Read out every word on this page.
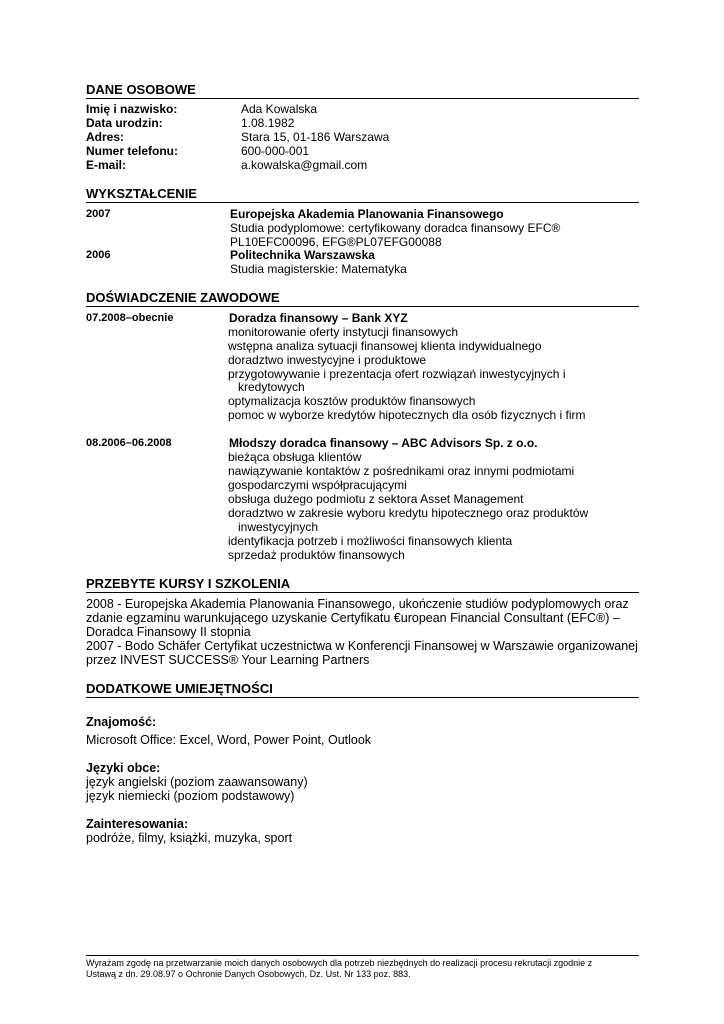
DANE OSOBOWE
Imię i nazwisko:	Ada Kowalska
Data urodzin:	1.08.1982
Adres:	Stara 15, 01-186 Warszawa
Numer telefonu:	600-000-001
E-mail:	a.kowalska@gmail.com
WYKSZTAŁCENIE
2007	Europejska Akademia Planowania Finansowego
Studia podyplomowe: certyfikowany doradca finansowy EFC®
PL10EFC00096, EFG®PL07EFG00088
2006	Politechnika Warszawska
Studia magisterskie: Matematyka
DOŚWIADCZENIE ZAWODOWE
07.2008–obecnie	Doradza finansowy – Bank XYZ
monitorowanie oferty instytucji finansowych
wstępna analiza sytuacji finansowej klienta indywidualnego
doradztwo inwestycyjne i produktowe
przygotowywanie i prezentacja ofert rozwiązań inwestycyjnych i
kredytowych
optymalizacja kosztów produktów finansowych
pomoc w wyborze kredytów hipotecznych dla osób fizycznych i firm
08.2006–06.2008	Młodszy doradca finansowy – ABC Advisors Sp. z o.o.
bieżąca obsługa klientów
nawiązywanie kontaktów z pośrednikami oraz innymi podmiotami
gospodarczymi współpracującymi
obsługa dużego podmiotu z sektora Asset Management
doradztwo w zakresie wyboru kredytu hipotecznego oraz produktów
inwestycyjnych
identyfikacja potrzeb i możliwości finansowych klienta
sprzedaż produktów finansowych
PRZEBYTE KURSY I SZKOLENIA
2008 - Europejska Akademia Planowania Finansowego, ukończenie studiów podyplomowych oraz
zdanie egzaminu warunkującego uzyskanie Certyfikatu €uropean Financial Consultant (EFC®) –
Doradca Finansowy II stopnia
2007 - Bodo Schäfer Certyfikat uczestnictwa w Konferencji Finansowej w Warszawie organizowanej
przez INVEST SUCCESS® Your Learning Partners
DODATKOWE UMIEJĘTNOŚCI
Znajomość:
Microsoft Office: Excel, Word, Power Point, Outlook
Języki obce:
język angielski (poziom zaawansowany)
język niemiecki (poziom podstawowy)
Zainteresowania:
podróże, filmy, książki, muzyka, sport
Wyrażam zgodę na przetwarzanie moich danych osobowych dla potrzeb niezbędnych do realizacji procesu rekrutacji zgodnie z
Ustawą z dn. 29.08.97 o Ochronie Danych Osobowych, Dz. Ust. Nr 133 poz. 883.
